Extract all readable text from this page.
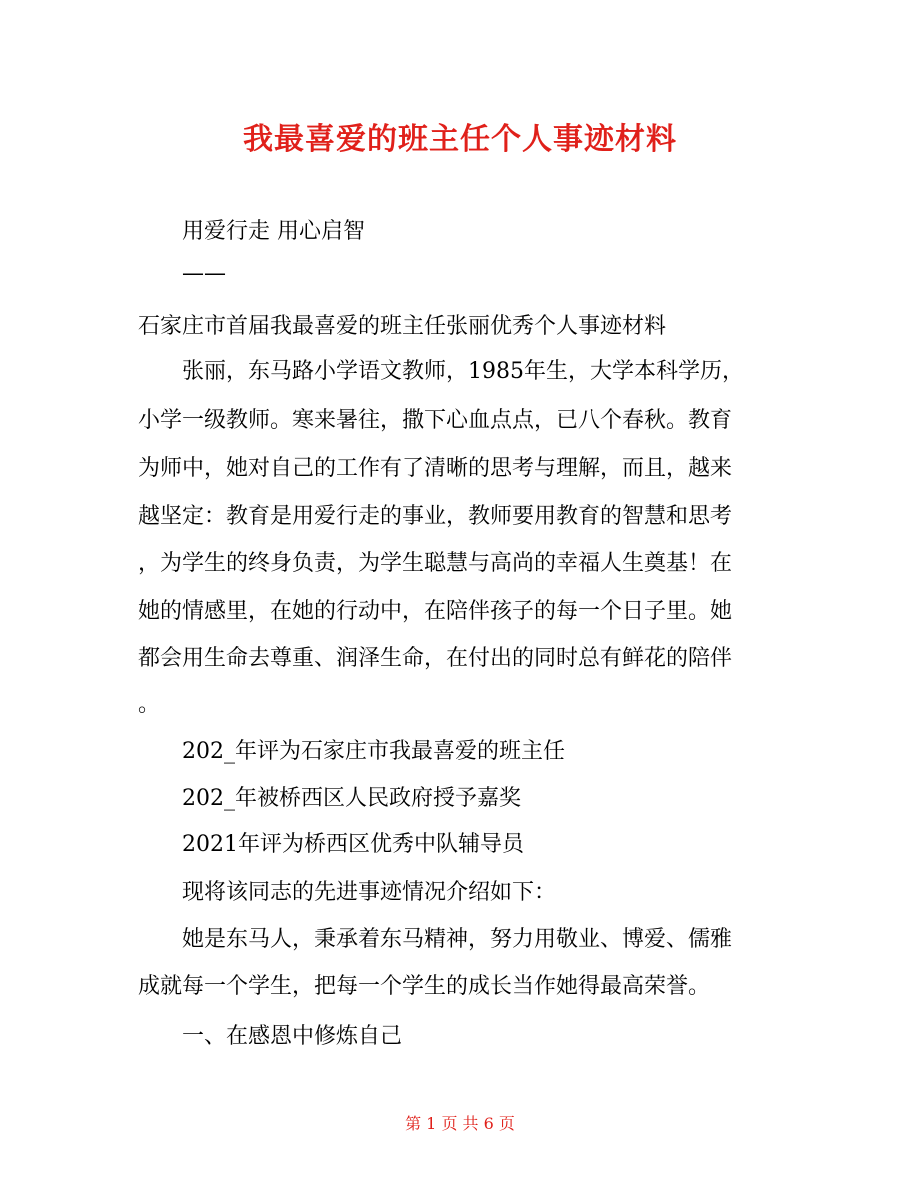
我最喜爱的班主任个人事迹材料
用爱行走 用心启智
——
石家庄市首届我最喜爱的班主任张丽优秀个人事迹材料
张丽，东马路小学语文教师，1985年生，大学本科学历，
小学一级教师。寒来暑往，撒下心血点点，已八个春秋。教育
为师中，她对自己的工作有了清晰的思考与理解，而且，越来
越坚定：教育是用爱行走的事业，教师要用教育的智慧和思考
，为学生的终身负责，为学生聪慧与高尚的幸福人生奠基！在
她的情感里，在她的行动中，在陪伴孩子的每一个日子里。她
都会用生命去尊重、润泽生命，在付出的同时总有鲜花的陪伴
。
202_年评为石家庄市我最喜爱的班主任
202_年被桥西区人民政府授予嘉奖
2021年评为桥西区优秀中队辅导员
现将该同志的先进事迹情况介绍如下：
她是东马人，秉承着东马精神，努力用敬业、博爱、儒雅
成就每一个学生，把每一个学生的成长当作她得最高荣誉。
一、在感恩中修炼自己
第 1 页 共 6 页
